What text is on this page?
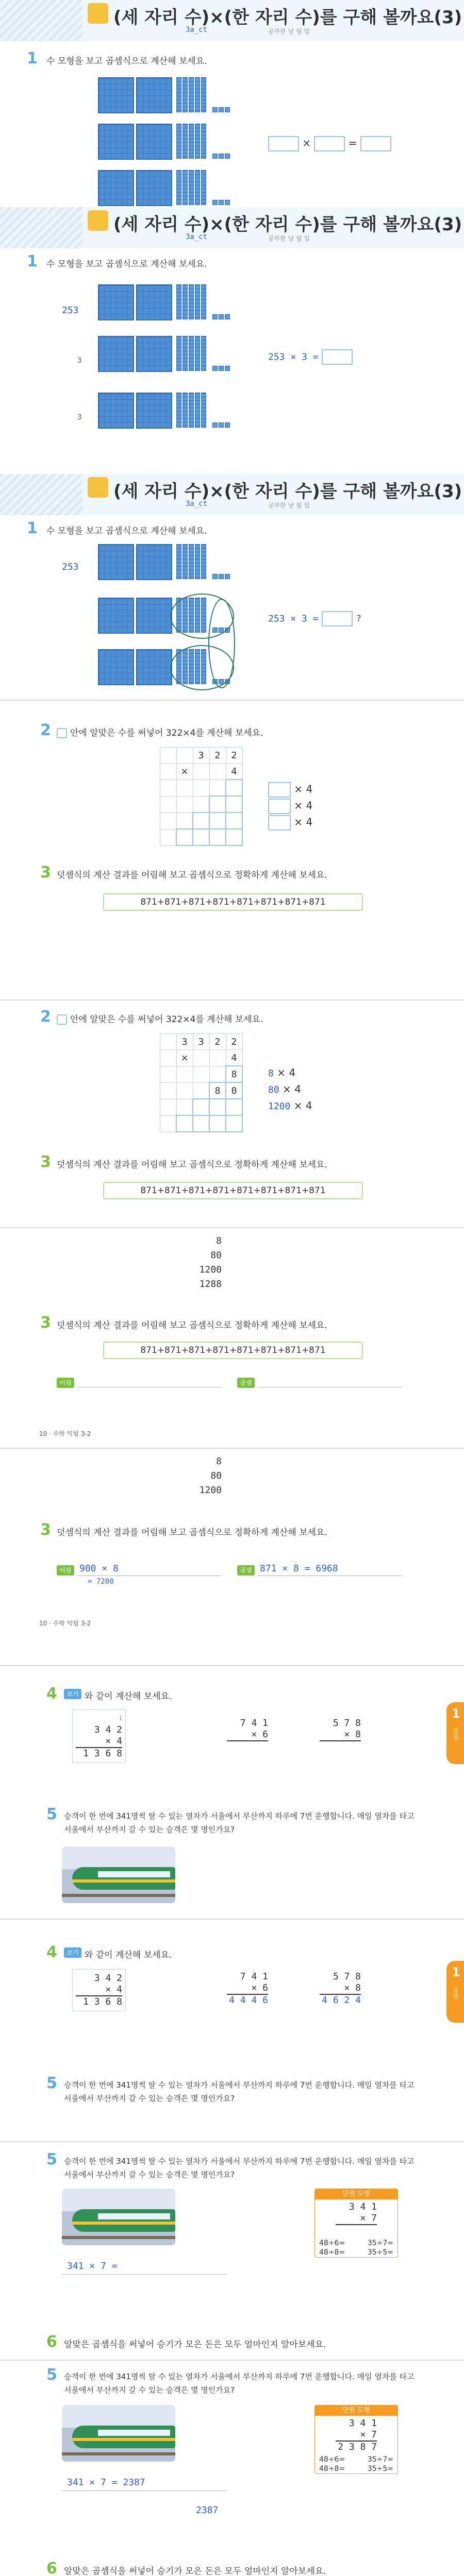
(세 자리 수)×(한 자리 수)를 구해 볼까요(3)
3a_ct	공부한 날 월 일
1 수 모형을 보고 곱셈식으로 계산해 보세요.
×	=
(세 자리 수)×(한 자리 수)를 구해 볼까요(3)
3a_ct	공부한 날 월 일
1 수 모형을 보고 곱셈식으로 계산해 보세요.
253
3
3
253 × 3 =
(세 자리 수)×(한 자리 수)를 구해 볼까요(3)
3a_ct	공부한 날 월 일
1 수 모형을 보고 곱셈식으로 계산해 보세요.
253
253 × 3 =	?
2	안에 알맞은 수를 써넣어 322×4를 계산해 보세요.
		3	2	2
	×			4

× 4
× 4
× 4
3 덧셈식의 계산 결과를 어림해 보고 곱셈식으로 정확하게 계산해 보세요.
871+871+871+871+871+871+871+871
2	안에 알맞은 수를 써넣어 322×4를 계산해 보세요.
	3	3	2	2
	×			4
				8
			8	0

8 × 4
80 × 4
1200 × 4
3 덧셈식의 계산 결과를 어림해 보고 곱셈식으로 정확하게 계산해 보세요.
871+871+871+871+871+871+871+871
8
80
1200
1288
3 덧셈식의 계산 결과를 어림해 보고 곱셈식으로 정확하게 계산해 보세요.
871+871+871+871+871+871+871+871
어림	곱셈
10 · 수학 익힘 3-2
8
80
1200
3 덧셈식의 계산 결과를 어림해 보고 곱셈식으로 정확하게 계산해 보세요.
어림 900 × 8
= 7200
곱셈 871 × 8 = 6968
10 · 수학 익힘 3-2
4	보기 와 같이 계산해 보세요.
1
3 4 2
× 4
1 3 6 8
7 4 1
× 6

5 7 8
× 8

5 승객이 한 번에 341명씩 탈 수 있는 열차가 서울에서 부산까지 하루에 7번 운행합니다. 매일 열차를 타고 서울에서 부산까지 갈 수 있는 승객은 몇 명인가요?
1
곱셈
4	보기 와 같이 계산해 보세요.
3 4 2
× 4
1 3 6 8
7 4 1
× 6
4 4 4 6
5 7 8
× 8
4 6 2 4
5 승객이 한 번에 341명씩 탈 수 있는 열차가 서울에서 부산까지 하루에 7번 운행합니다. 매일 열차를 타고 서울에서 부산까지 갈 수 있는 승객은 몇 명인가요?
1
곱셈
5 승객이 한 번에 341명씩 탈 수 있는 열차가 서울에서 부산까지 하루에 7번 운행합니다. 매일 열차를 타고 서울에서 부산까지 갈 수 있는 승객은 몇 명인가요?
341 × 7 =
단원 도형
3 4 1
× 7

48÷6=	35÷7=
48÷8=	35÷5=
6 알맞은 곱셈식을 써넣어 승기가 모은 돈은 모두 얼마인지 알아보세요.
5 승객이 한 번에 341명씩 탈 수 있는 열차가 서울에서 부산까지 하루에 7번 운행합니다. 매일 열차를 타고 서울에서 부산까지 갈 수 있는 승객은 몇 명인가요?
341 × 7 = 2387
2387
단원 도형
3 4 1
× 7
2 3 8 7
48÷6=	35÷7=
48÷8=	35÷5=
6 알맞은 곱셈식을 써넣어 승기가 모은 돈은 모두 얼마인지 알아보세요.
